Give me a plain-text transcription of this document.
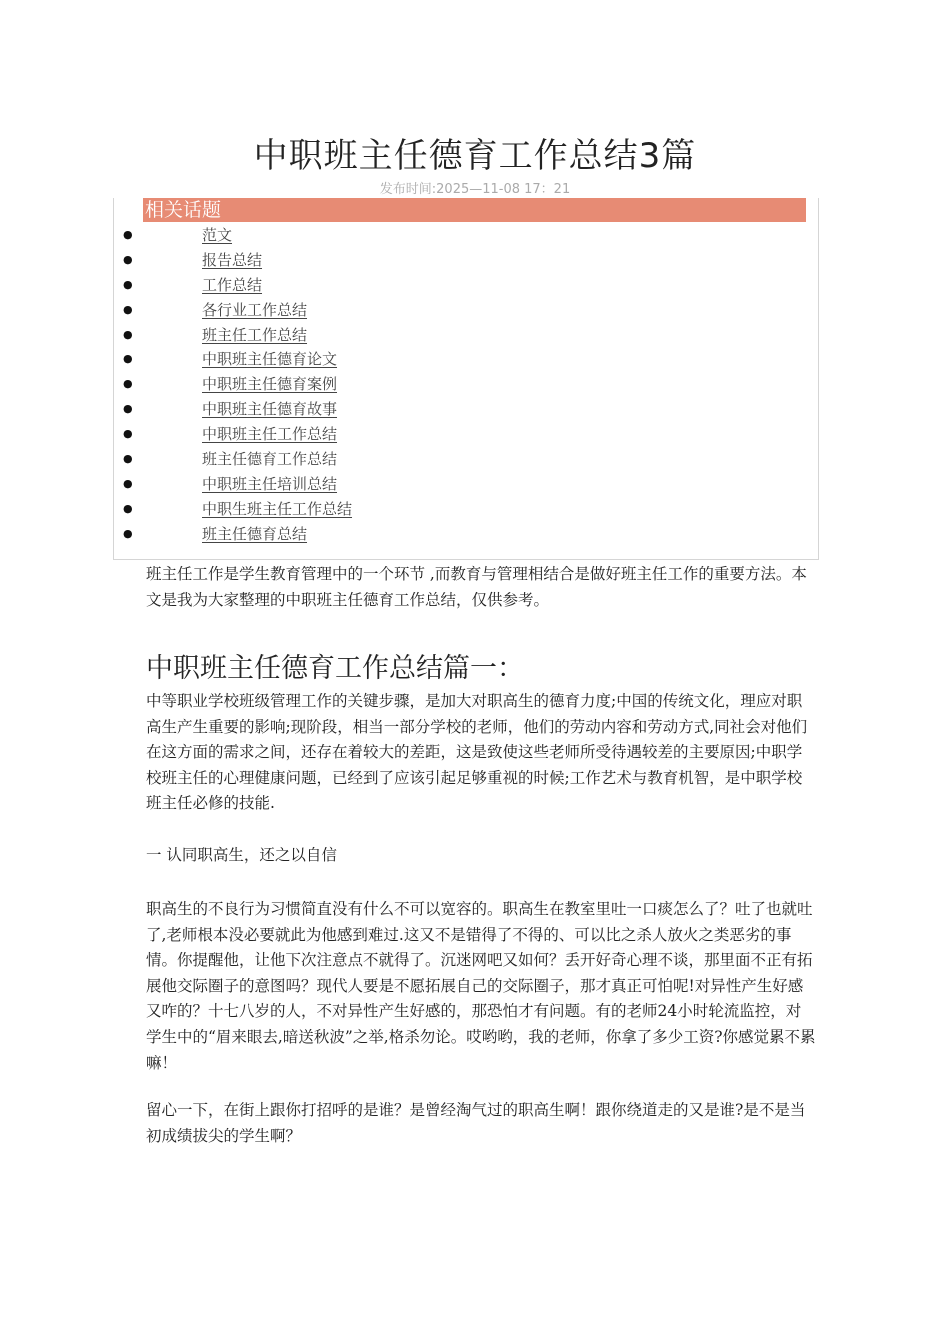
中职班主任德育工作总结3篇
发布时间:2025—11-08 17：21
相关话题
●	范文
●	报告总结
●	工作总结
●	各行业工作总结
●	班主任工作总结
●	中职班主任德育论文
●	中职班主任德育案例
●	中职班主任德育故事
●	中职班主任工作总结
●	班主任德育工作总结
●	中职班主任培训总结
●	中职生班主任工作总结
●	班主任德育总结

班主任工作是学生教育管理中的一个环节 ,而教育与管理相结合是做好班主任工作的重要方法。本文是我为大家整理的中职班主任德育工作总结，仅供参考。

中职班主任德育工作总结篇一：

中等职业学校班级管理工作的关键步骤，是加大对职高生的德育力度;中国的传统文化，理应对职高生产生重要的影响;现阶段，相当一部分学校的老师，他们的劳动内容和劳动方式,同社会对他们在这方面的需求之间，还存在着较大的差距，这是致使这些老师所受待遇较差的主要原因;中职学校班主任的心理健康问题，已经到了应该引起足够重视的时候;工作艺术与教育机智，是中职学校班主任必修的技能.

一 认同职高生，还之以自信

职高生的不良行为习惯简直没有什么不可以宽容的。职高生在教室里吐一口痰怎么了？吐了也就吐了,老师根本没必要就此为他感到难过.这又不是错得了不得的、可以比之杀人放火之类恶劣的事情。你提醒他，让他下次注意点不就得了。沉迷网吧又如何？丢开好奇心理不谈，那里面不正有拓展他交际圈子的意图吗？现代人要是不愿拓展自己的交际圈子，那才真正可怕呢!对异性产生好感又咋的？十七八岁的人，不对异性产生好感的，那恐怕才有问题。有的老师24小时轮流监控，对学生中的“眉来眼去,暗送秋波”之举,格杀勿论。哎哟哟，我的老师，你拿了多少工资?你感觉累不累嘛！

留心一下，在街上跟你打招呼的是谁？是曾经淘气过的职高生啊！跟你绕道走的又是谁?是不是当初成绩拔尖的学生啊？
